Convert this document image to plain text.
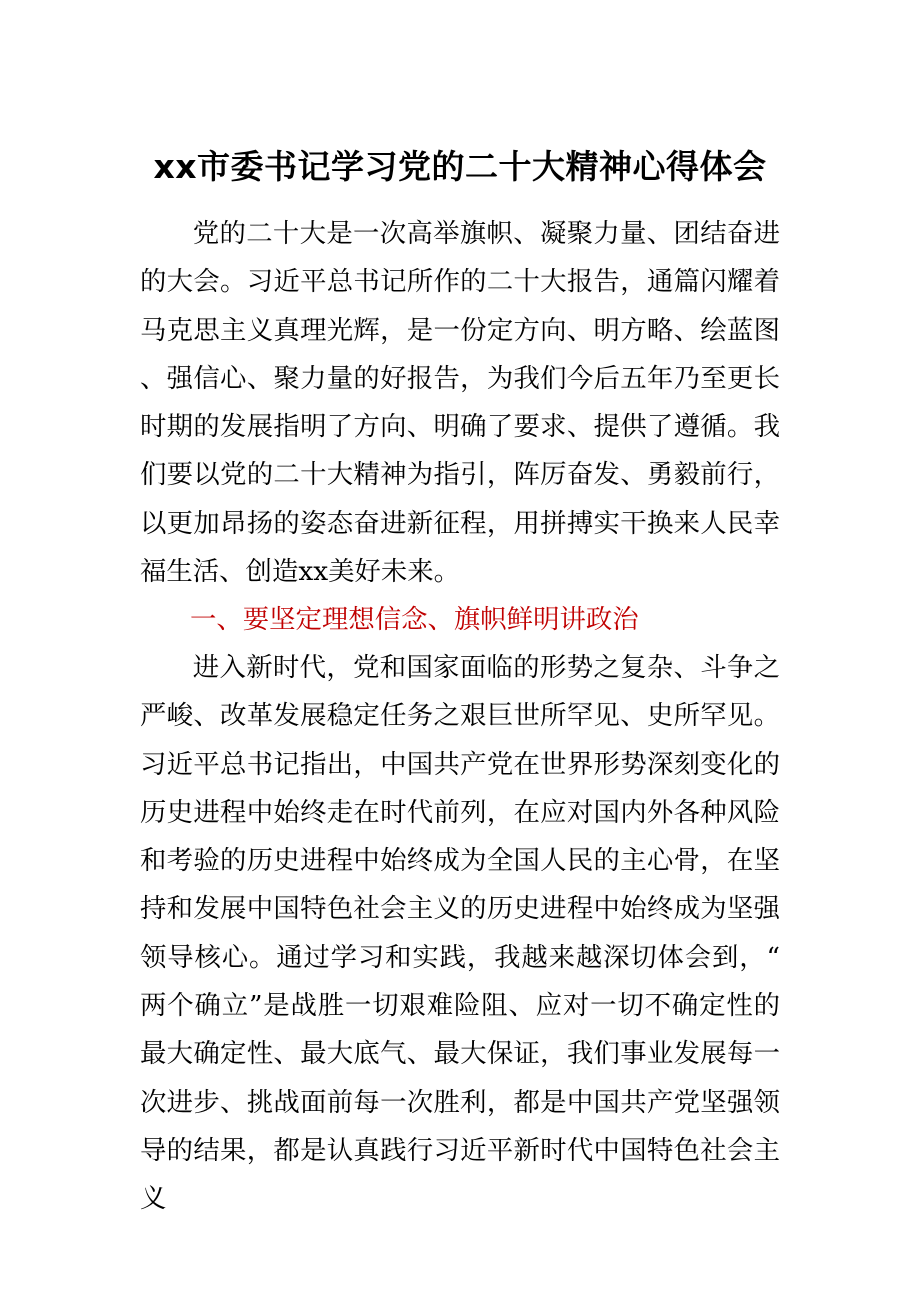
xx市委书记学习党的二十大精神心得体会
党的二十大是一次高举旗帜、凝聚力量、团结奋进的大会。习近平总书记所作的二十大报告，通篇闪耀着马克思主义真理光辉，是一份定方向、明方略、绘蓝图、强信心、聚力量的好报告，为我们今后五年乃至更长时期的发展指明了方向、明确了要求、提供了遵循。我们要以党的二十大精神为指引，阵厉奋发、勇毅前行，以更加昂扬的姿态奋进新征程，用拼搏实干换来人民幸福生活、创造xx美好未来。
一、要坚定理想信念、旗帜鲜明讲政治
进入新时代，党和国家面临的形势之复杂、斗争之严峻、改革发展稳定任务之艰巨世所罕见、史所罕见。习近平总书记指出，中国共产党在世界形势深刻变化的历史进程中始终走在时代前列，在应对国内外各种风险和考验的历史进程中始终成为全国人民的主心骨，在坚持和发展中国特色社会主义的历史进程中始终成为坚强领导核心。通过学习和实践，我越来越深切体会到，“两个确立”是战胜一切艰难险阻、应对一切不确定性的最大确定性、最大底气、最大保证，我们事业发展每一次进步、挑战面前每一次胜利，都是中国共产党坚强领导的结果，都是认真践行习近平新时代中国特色社会主义
